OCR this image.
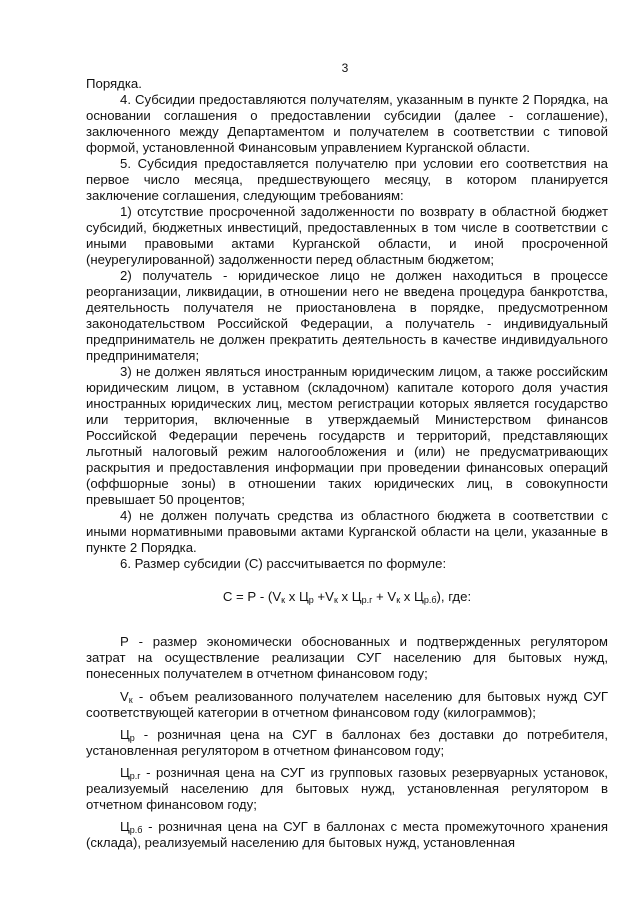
3

Порядка.

4. Субсидии предоставляются получателям, указанным в пункте 2 Порядка, на основании соглашения о предоставлении субсидии (далее - соглашение), заключенного между Департаментом и получателем в соответствии с типовой формой, установленной Финансовым управлением Курганской области.

5. Субсидия предоставляется получателю при условии его соответствия на первое число месяца, предшествующего месяцу, в котором планируется заключение соглашения, следующим требованиям:

1) отсутствие просроченной задолженности по возврату в областной бюджет субсидий, бюджетных инвестиций, предоставленных в том числе в соответствии с иными правовыми актами Курганской области, и иной просроченной (неурегулированной) задолженности перед областным бюджетом;

2) получатель - юридическое лицо не должен находиться в процессе реорганизации, ликвидации, в отношении него не введена процедура банкротства, деятельность получателя не приостановлена в порядке, предусмотренном законодательством Российской Федерации, а получатель - индивидуальный предприниматель не должен прекратить деятельность в качестве индивидуального предпринимателя;

3) не должен являться иностранным юридическим лицом, а также российским юридическим лицом, в уставном (складочном) капитале которого доля участия иностранных юридических лиц, местом регистрации которых является государство или территория, включенные в утверждаемый Министерством финансов Российской Федерации перечень государств и территорий, представляющих льготный налоговый режим налогообложения и (или) не предусматривающих раскрытия и предоставления информации при проведении финансовых операций (оффшорные зоны) в отношении таких юридических лиц, в совокупности превышает 50 процентов;

4) не должен получать средства из областного бюджета в соответствии с иными нормативными правовыми актами Курганской области на цели, указанные в пункте 2 Порядка.

6. Размер субсидии (С) рассчитывается по формуле:

$С = Р - (V_к$ x $Ц_р +V_к$ x $Ц_{р.г} + V_к$ x $Ц_{р.б}$), где:

Р - размер экономически обоснованных и подтвержденных регулятором затрат на осуществление реализации СУГ населению для бытовых нужд, понесенных получателем в отчетном финансовом году;

$V_к$ - объем реализованного получателем населению для бытовых нужд СУГ соответствующей категории в отчетном финансовом году (килограммов);

$Ц_р$ - розничная цена на СУГ в баллонах без доставки до потребителя, установленная регулятором в отчетном финансовом году;

$Ц_{р.г}$ - розничная цена на СУГ из групповых газовых резервуарных установок, реализуемый населению для бытовых нужд, установленная регулятором в отчетном финансовом году;

$Ц_{р.б}$ - розничная цена на СУГ в баллонах с места промежуточного хранения (склада), реализуемый населению для бытовых нужд, установленная
